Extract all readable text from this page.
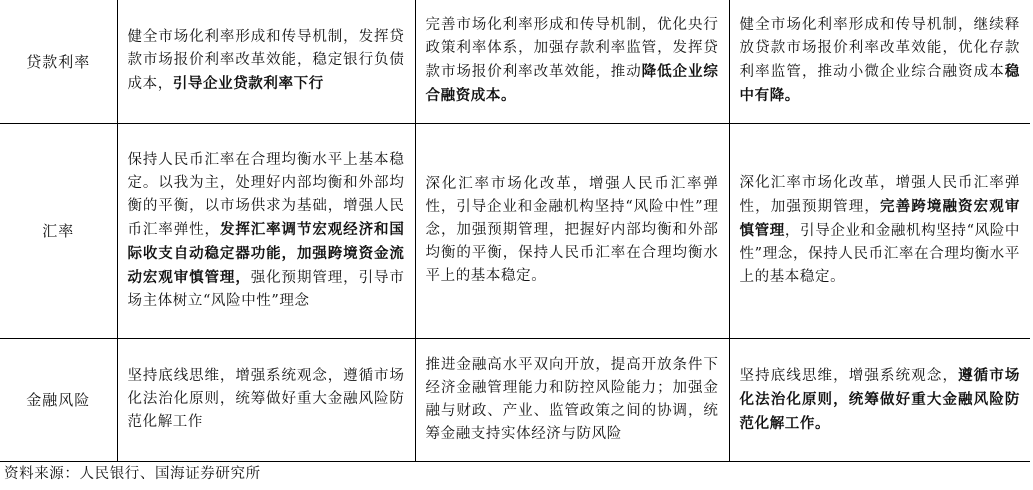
贷款利率	健全市场化利率形成和传导机制，发挥贷款市场报价利率改革效能，稳定银行负债成本，引导企业贷款利率下行	完善市场化利率形成和传导机制，优化央行政策利率体系，加强存款利率监管，发挥贷款市场报价利率改革效能，推动降低企业综合融资成本。	健全市场化利率形成和传导机制，继续释放贷款市场报价利率改革效能，优化存款利率监管，推动小微企业综合融资成本稳中有降。
汇率	保持人民币汇率在合理均衡水平上基本稳定。以我为主，处理好内部均衡和外部均衡的平衡，以市场供求为基础，增强人民币汇率弹性，发挥汇率调节宏观经济和国际收支自动稳定器功能，加强跨境资金流动宏观审慎管理，强化预期管理，引导市场主体树立“风险中性”理念	深化汇率市场化改革，增强人民币汇率弹性，引导企业和金融机构坚持“风险中性”理念，加强预期管理，把握好内部均衡和外部均衡的平衡，保持人民币汇率在合理均衡水平上的基本稳定。	深化汇率市场化改革，增强人民币汇率弹性，加强预期管理，完善跨境融资宏观审慎管理，引导企业和金融机构坚持“风险中性”理念，保持人民币汇率在合理均衡水平上的基本稳定。
金融风险	坚持底线思维，增强系统观念，遵循市场化法治化原则，统筹做好重大金融风险防范化解工作	推进金融高水平双向开放，提高开放条件下经济金融管理能力和防控风险能力；加强金融与财政、产业、监管政策之间的协调，统筹金融支持实体经济与防风险	坚持底线思维，增强系统观念，遵循市场化法治化原则，统筹做好重大金融风险防范化解工作。
资料来源：人民银行、国海证券研究所
